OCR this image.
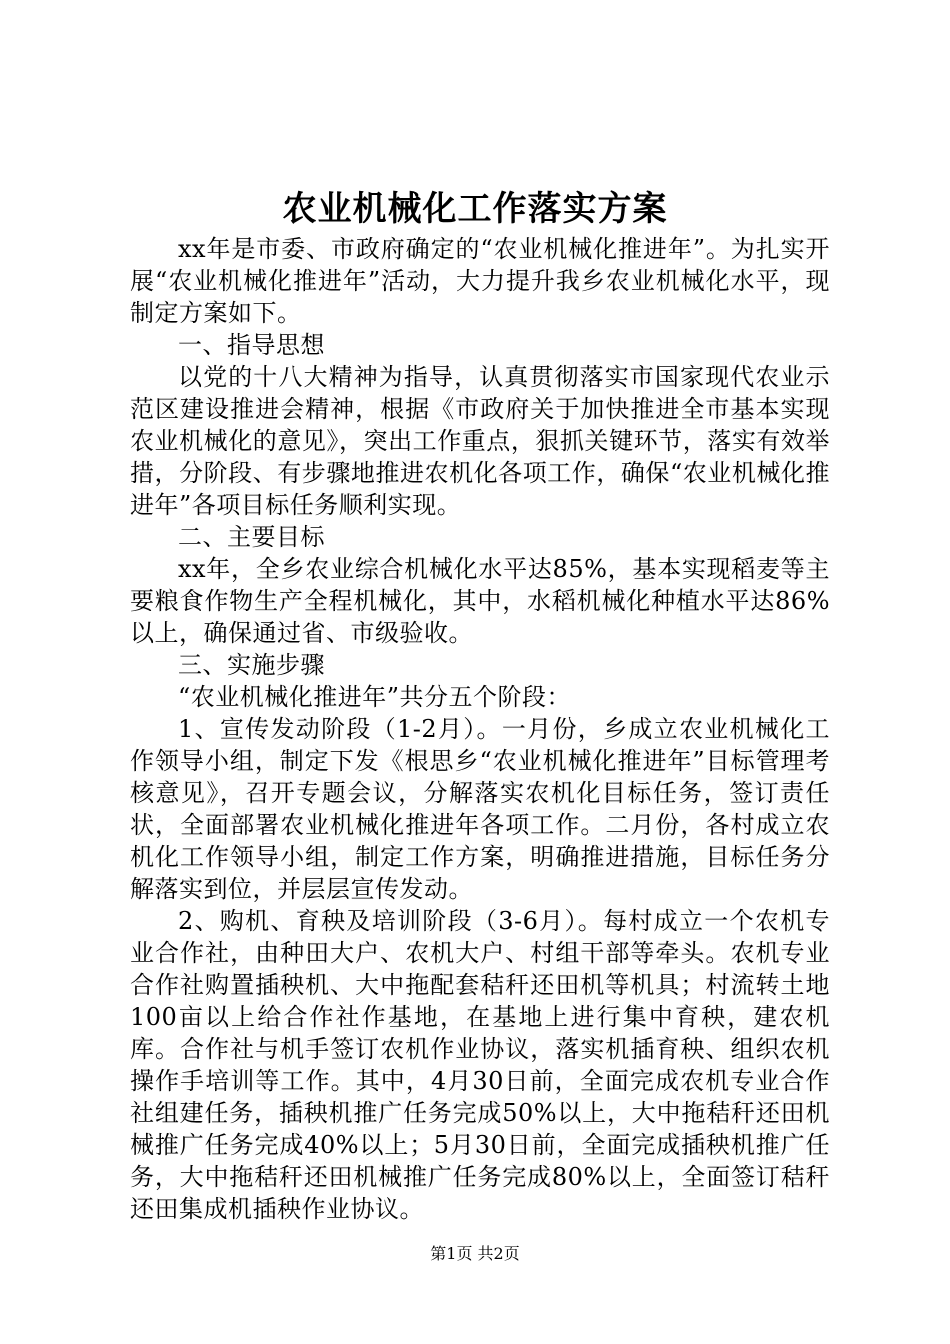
农业机械化工作落实方案

xx年是市委、市政府确定的“农业机械化推进年”。为扎实开展“农业机械化推进年”活动，大力提升我乡农业机械化水平，现制定方案如下。

一、指导思想

以党的十八大精神为指导，认真贯彻落实市国家现代农业示范区建设推进会精神，根据《市政府关于加快推进全市基本实现农业机械化的意见》，突出工作重点，狠抓关键环节，落实有效举措，分阶段、有步骤地推进农机化各项工作，确保“农业机械化推进年”各项目标任务顺利实现。

二、主要目标

xx年，全乡农业综合机械化水平达85%，基本实现稻麦等主要粮食作物生产全程机械化，其中，水稻机械化种植水平达86%以上，确保通过省、市级验收。

三、实施步骤

“农业机械化推进年”共分五个阶段：

1、宣传发动阶段（1-2月）。一月份，乡成立农业机械化工作领导小组，制定下发《根思乡“农业机械化推进年”目标管理考核意见》，召开专题会议，分解落实农机化目标任务，签订责任状，全面部署农业机械化推进年各项工作。二月份，各村成立农机化工作领导小组，制定工作方案，明确推进措施，目标任务分解落实到位，并层层宣传发动。

2、购机、育秧及培训阶段（3-6月）。每村成立一个农机专业合作社，由种田大户、农机大户、村组干部等牵头。农机专业合作社购置插秧机、大中拖配套秸秆还田机等机具；村流转土地100亩以上给合作社作基地，在基地上进行集中育秧，建农机库。合作社与机手签订农机作业协议，落实机插育秧、组织农机操作手培训等工作。其中，4月30日前，全面完成农机专业合作社组建任务，插秧机推广任务完成50%以上，大中拖秸秆还田机械推广任务完成40%以上；5月30日前，全面完成插秧机推广任务，大中拖秸秆还田机械推广任务完成80%以上，全面签订秸秆还田集成机插秧作业协议。

第1页 共2页
